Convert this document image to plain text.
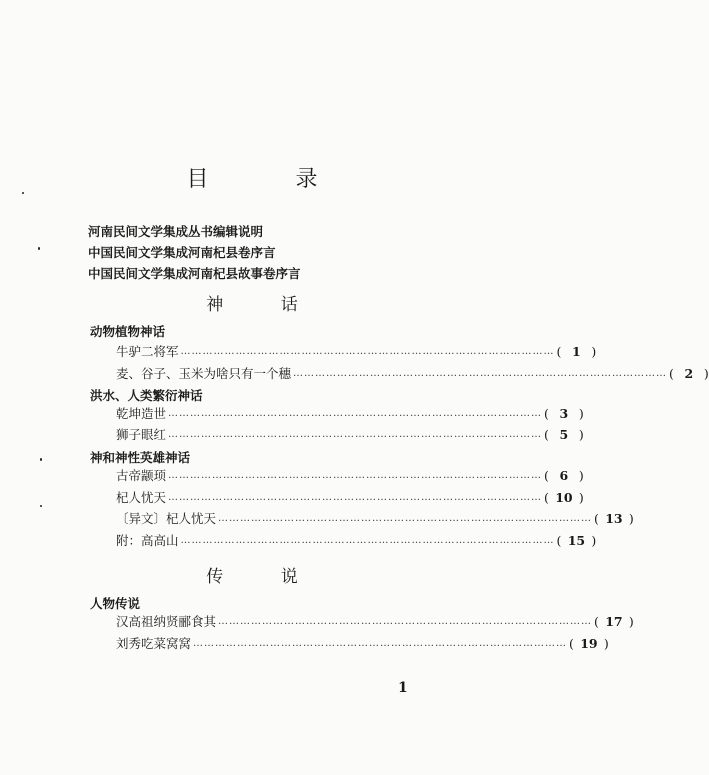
目 录
河南民间文学集成丛书编辑说明
中国民间文学集成河南杞县卷序言
中国民间文学集成河南杞县故事卷序言
神 话
动物植物神话
牛驴二将军 ………………………………………………………………………………………… ( 1 )
麦、谷子、玉米为啥只有一个穗 ………………………………………………………………………………………… ( 2 )
洪水、人类繁衍神话
乾坤造世 ………………………………………………………………………………………… ( 3 )
狮子眼红 ………………………………………………………………………………………… ( 5 )
神和神性英雄神话
古帝颛顼 ………………………………………………………………………………………… ( 6 )
杞人忧天 ………………………………………………………………………………………… ( 10 )
〔异文〕杞人忧天 ………………………………………………………………………………………… ( 13 )
附：高高山 ………………………………………………………………………………………… ( 15 )
传 说
人物传说
汉高祖纳贤郦食其 ………………………………………………………………………………………… ( 17 )
刘秀吃菜窝窝 ………………………………………………………………………………………… ( 19 )
1
